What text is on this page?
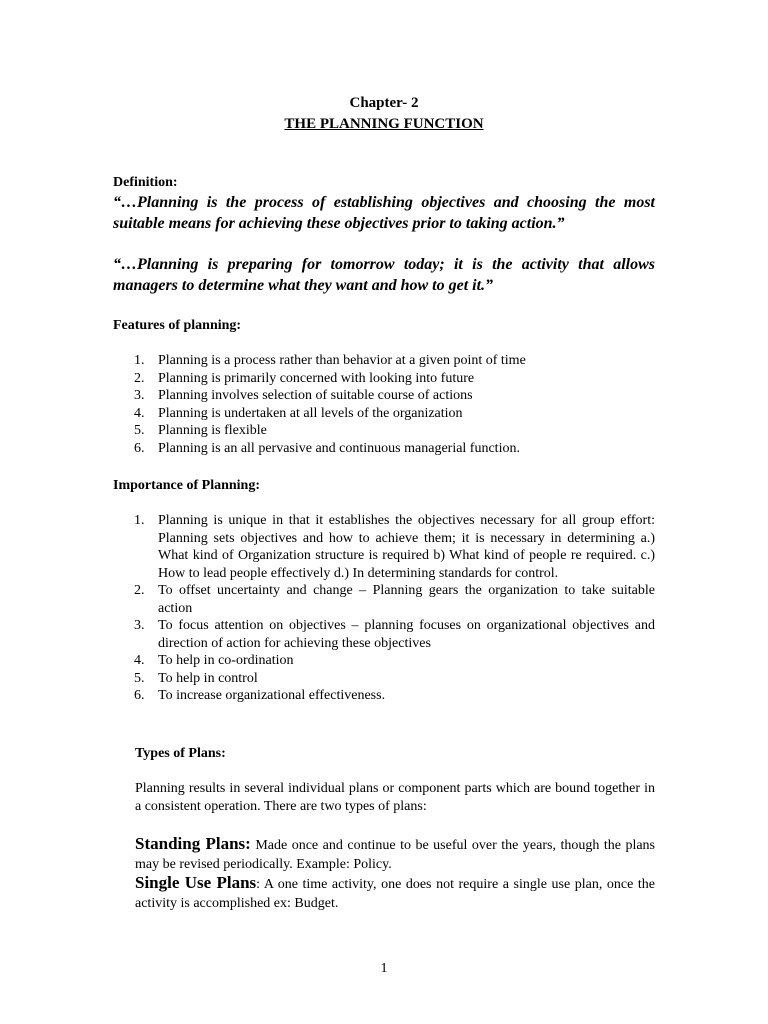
Chapter- 2
THE PLANNING FUNCTION
Definition:
“…Planning is the process of establishing objectives and choosing the most suitable means for achieving these objectives prior to taking action.”
“…Planning is preparing for tomorrow today; it is the activity that allows managers to determine what they want and how to get it.”
Features of planning:
1. Planning is a process rather than behavior at a given point of time
2. Planning is primarily concerned with looking into future
3. Planning involves selection of suitable course of actions
4. Planning is undertaken at all levels of the organization
5. Planning is flexible
6. Planning is an all pervasive and continuous managerial function.
Importance of Planning:
1. Planning is unique in that it establishes the objectives necessary for all group effort: Planning sets objectives and how to achieve them; it is necessary in determining a.) What kind of Organization structure is required b) What kind of people re required. c.) How to lead people effectively d.) In determining standards for control.
2. To offset uncertainty and change – Planning gears the organization to take suitable action
3. To focus attention on objectives – planning focuses on organizational objectives and direction of action for achieving these objectives
4. To help in co-ordination
5. To help in control
6. To increase organizational effectiveness.
Types of Plans:
Planning results in several individual plans or component parts which are bound together in a consistent operation. There are two types of plans:
Standing Plans: Made once and continue to be useful over the years, though the plans may be revised periodically. Example: Policy.
Single Use Plans: A one time activity, one does not require a single use plan, once the activity is accomplished ex: Budget.
1
